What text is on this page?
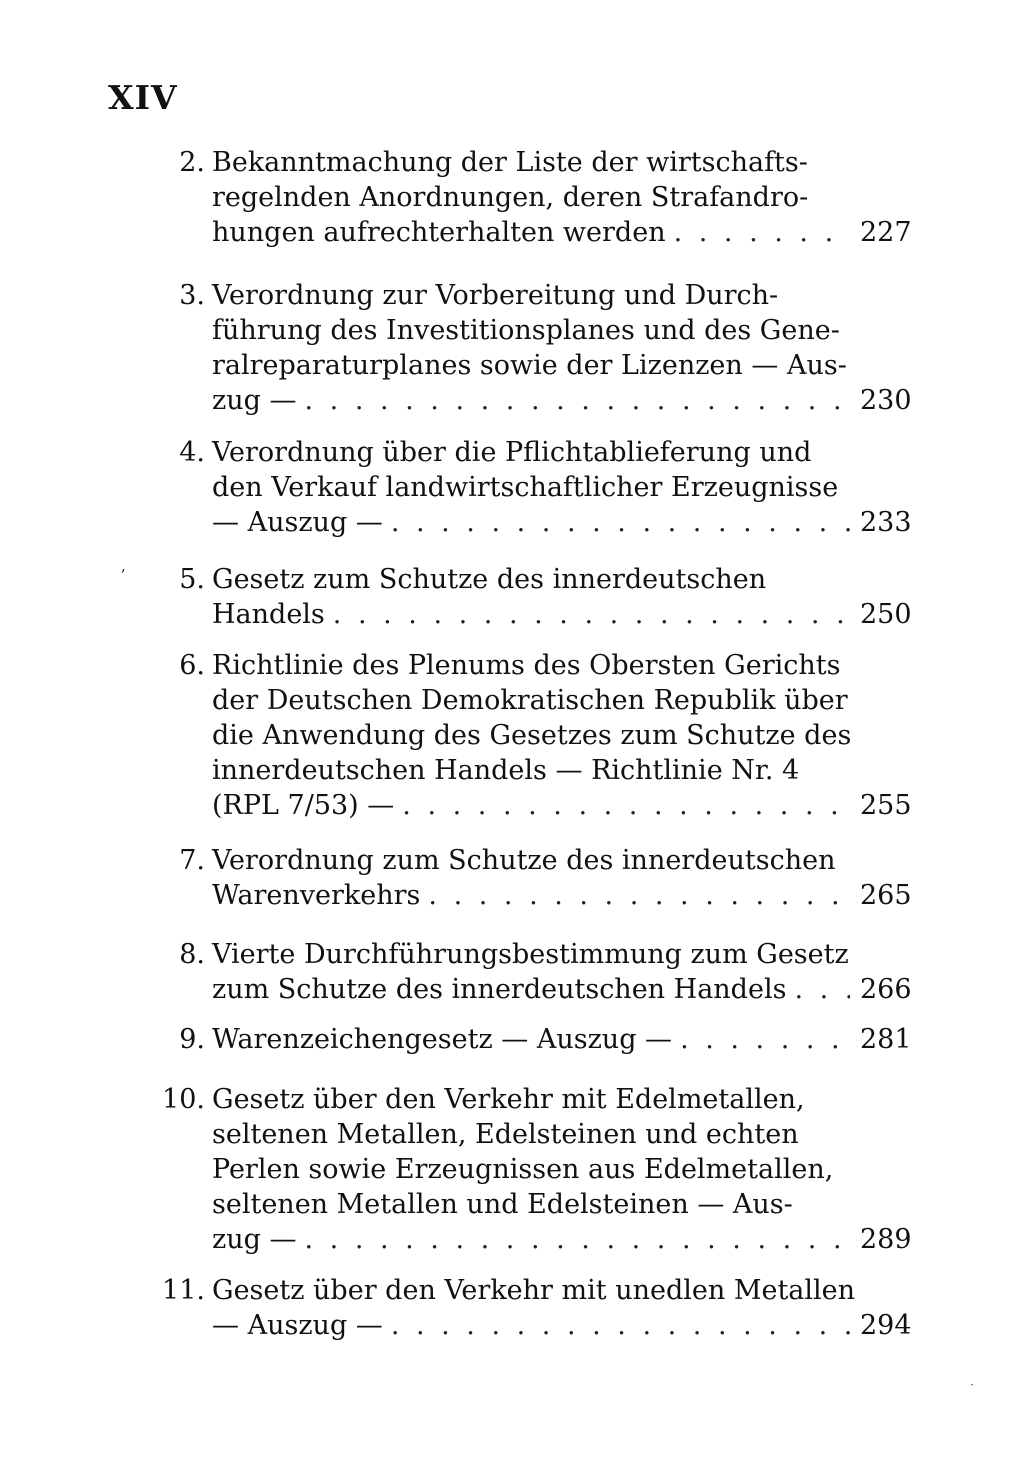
XIV
2. Bekanntmachung der Liste der wirtschafts-
regelnden Anordnungen, deren Strafandro-
hungen aufrechterhalten werden . . .	227
3. Verordnung zur Vorbereitung und Durch-
führung des Investitionsplanes und des Gene-
ralreparaturplanes sowie der Lizenzen — Aus-
zug — . . .	230
4. Verordnung über die Pflichtablieferung und
den Verkauf landwirtschaftlicher Erzeugnisse
— Auszug — . . .	233
5. Gesetz zum Schutze des innerdeutschen
Handels . . .	250
6. Richtlinie des Plenums des Obersten Gerichts
der Deutschen Demokratischen Republik über
die Anwendung des Gesetzes zum Schutze des
innerdeutschen Handels — Richtlinie Nr. 4
(RPL 7/53) — . . .	255
7. Verordnung zum Schutze des innerdeutschen
Warenverkehrs . . .	265
8. Vierte Durchführungsbestimmung zum Gesetz
zum Schutze des innerdeutschen Handels . . .	266
9. Warenzeichengesetz — Auszug — . . .	281
10. Gesetz über den Verkehr mit Edelmetallen,
seltenen Metallen, Edelsteinen und echten
Perlen sowie Erzeugnissen aus Edelmetallen,
seltenen Metallen und Edelsteinen — Aus-
zug — . . .	289
11. Gesetz über den Verkehr mit unedlen Metallen
— Auszug — . . .	294
ʼ
·
